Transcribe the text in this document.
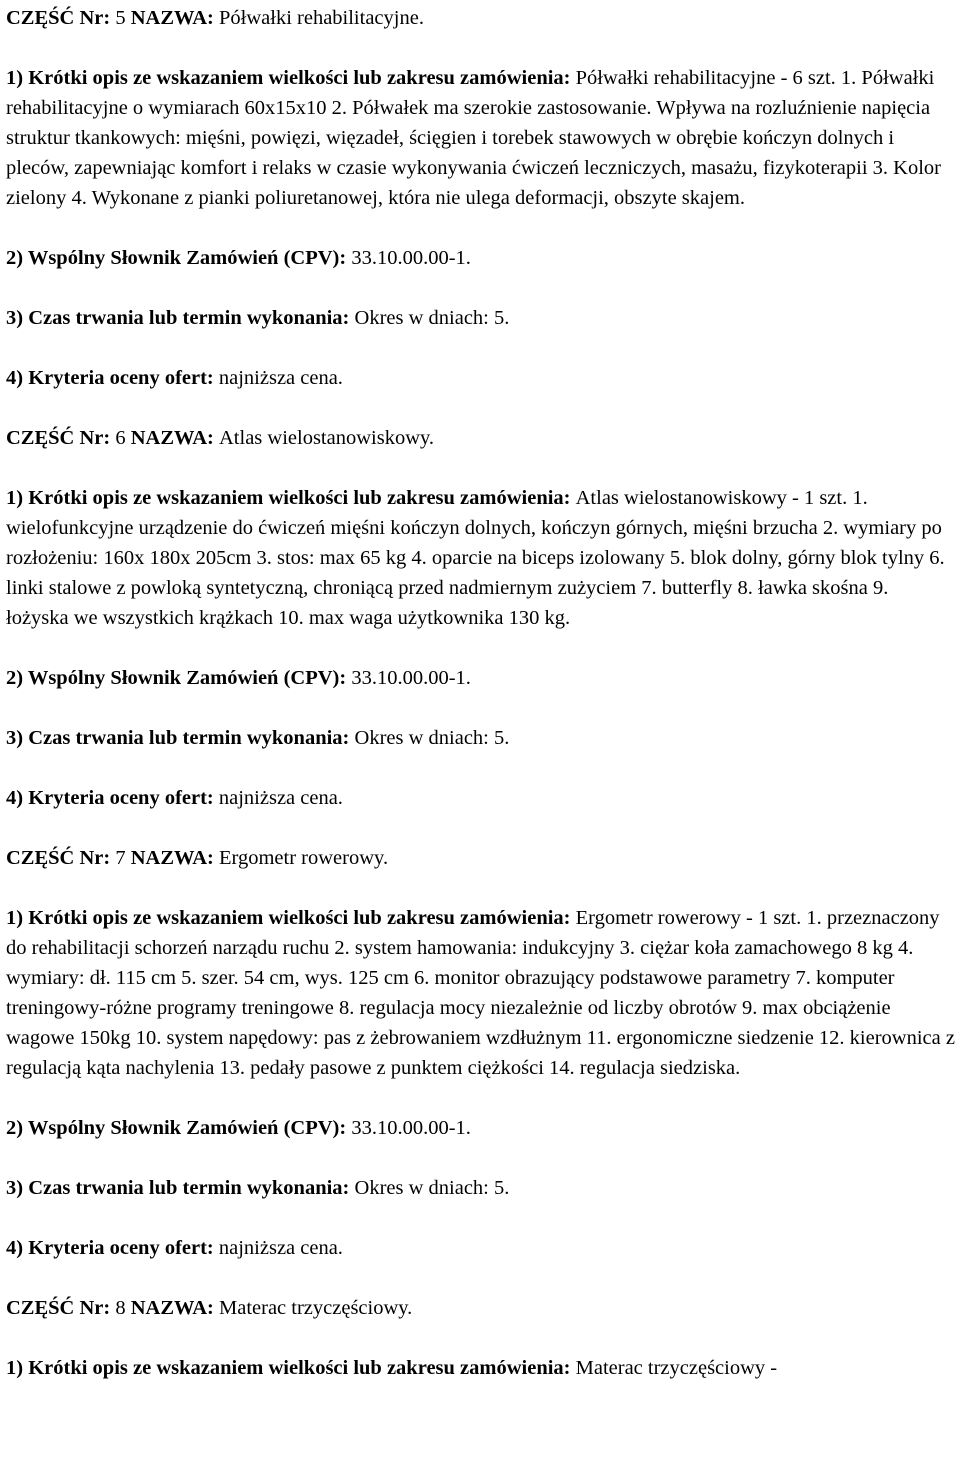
CZĘŚĆ Nr: 5 NAZWA: Półwałki rehabilitacyjne.

1) Krótki opis ze wskazaniem wielkości lub zakresu zamówienia: Półwałki rehabilitacyjne - 6 szt. 1. Półwałki rehabilitacyjne o wymiarach 60x15x10 2. Półwałek ma szerokie zastosowanie. Wpływa na rozluźnienie napięcia struktur tkankowych: mięśni, powięzi, więzadeł, ścięgien i torebek stawowych w obrębie kończyn dolnych i pleców, zapewniając komfort i relaks w czasie wykonywania ćwiczeń leczniczych, masażu, fizykoterapii 3. Kolor zielony 4. Wykonane z pianki poliuretanowej, która nie ulega deformacji, obszyte skajem.

2) Wspólny Słownik Zamówień (CPV): 33.10.00.00-1.

3) Czas trwania lub termin wykonania: Okres w dniach: 5.

4) Kryteria oceny ofert: najniższa cena.

CZĘŚĆ Nr: 6 NAZWA: Atlas wielostanowiskowy.

1) Krótki opis ze wskazaniem wielkości lub zakresu zamówienia: Atlas wielostanowiskowy - 1 szt. 1. wielofunkcyjne urządzenie do ćwiczeń mięśni kończyn dolnych, kończyn górnych, mięśni brzucha 2. wymiary po rozłożeniu: 160x 180x 205cm 3. stos: max 65 kg 4. oparcie na biceps izolowany 5. blok dolny, górny blok tylny 6. linki stalowe z powloką syntetyczną, chroniącą przed nadmiernym zużyciem 7. butterfly 8. ławka skośna 9. łożyska we wszystkich krążkach 10. max waga użytkownika 130 kg.

2) Wspólny Słownik Zamówień (CPV): 33.10.00.00-1.

3) Czas trwania lub termin wykonania: Okres w dniach: 5.

4) Kryteria oceny ofert: najniższa cena.

CZĘŚĆ Nr: 7 NAZWA: Ergometr rowerowy.

1) Krótki opis ze wskazaniem wielkości lub zakresu zamówienia: Ergometr rowerowy - 1 szt. 1. przeznaczony do rehabilitacji schorzeń narządu ruchu 2. system hamowania: indukcyjny 3. ciężar koła zamachowego 8 kg 4. wymiary: dł. 115 cm 5. szer. 54 cm, wys. 125 cm 6. monitor obrazujący podstawowe parametry 7. komputer treningowy-różne programy treningowe 8. regulacja mocy niezależnie od liczby obrotów 9. max obciążenie wagowe 150kg 10. system napędowy: pas z żebrowaniem wzdłużnym 11. ergonomiczne siedzenie 12. kierownica z regulacją kąta nachylenia 13. pedały pasowe z punktem ciężkości 14. regulacja siedziska.

2) Wspólny Słownik Zamówień (CPV): 33.10.00.00-1.

3) Czas trwania lub termin wykonania: Okres w dniach: 5.

4) Kryteria oceny ofert: najniższa cena.

CZĘŚĆ Nr: 8 NAZWA: Materac trzyczęściowy.

1) Krótki opis ze wskazaniem wielkości lub zakresu zamówienia: Materac trzyczęściowy -
